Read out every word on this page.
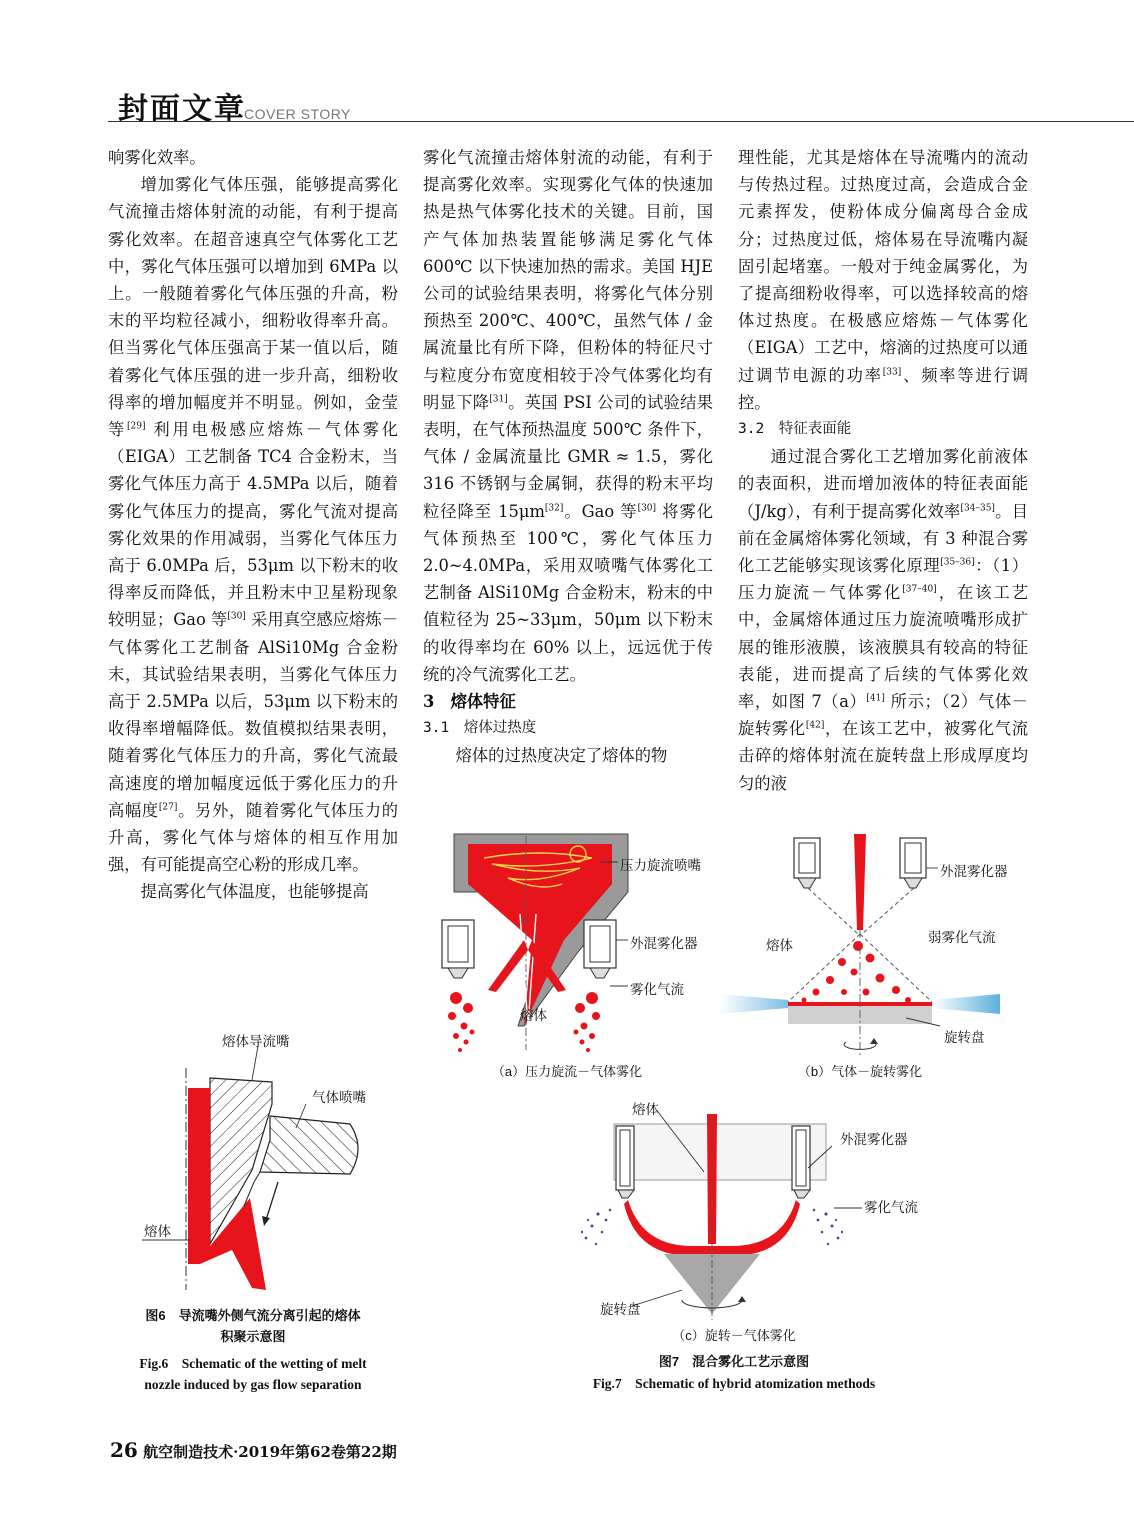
封面文章
COVER STORY

响雾化效率。

增加雾化气体压强，能够提高雾化气流撞击熔体射流的动能，有利于提高雾化效率。在超音速真空气体雾化工艺中，雾化气体压强可以增加到 6MPa 以上。一般随着雾化气体压强的升高，粉末的平均粒径减小，细粉收得率升高。但当雾化气体压强高于某一值以后，随着雾化气体压强的进一步升高，细粉收得率的增加幅度并不明显。例如，金莹等[29] 利用电极感应熔炼－气体雾化（EIGA）工艺制备 TC4 合金粉末，当雾化气体压力高于 4.5MPa 以后，随着雾化气体压力的提高，雾化气流对提高雾化效果的作用减弱，当雾化气体压力高于 6.0MPa 后，53μm 以下粉末的收得率反而降低，并且粉末中卫星粉现象较明显；Gao 等[30] 采用真空感应熔炼－气体雾化工艺制备 AlSi10Mg 合金粉末，其试验结果表明，当雾化气体压力高于 2.5MPa 以后，53μm 以下粉末的收得率增幅降低。数值模拟结果表明，随着雾化气体压力的升高，雾化气流最高速度的增加幅度远低于雾化压力的升高幅度[27]。另外，随着雾化气体压力的升高，雾化气体与熔体的相互作用加强，有可能提高空心粉的形成几率。

提高雾化气体温度，也能够提高

雾化气流撞击熔体射流的动能，有利于提高雾化效率。实现雾化气体的快速加热是热气体雾化技术的关键。目前，国产气体加热装置能够满足雾化气体 600℃ 以下快速加热的需求。美国 HJE 公司的试验结果表明，将雾化气体分别预热至 200℃、400℃，虽然气体 / 金属流量比有所下降，但粉体的特征尺寸与粒度分布宽度相较于冷气体雾化均有明显下降[31]。英国 PSI 公司的试验结果表明，在气体预热温度 500℃ 条件下，气体 / 金属流量比 GMR ≈ 1.5，雾化 316 不锈钢与金属铜，获得的粉末平均粒径降至 15μm[32]。Gao 等[30] 将雾化气体预热至 100℃，雾化气体压力 2.0~4.0MPa，采用双喷嘴气体雾化工艺制备 AlSi10Mg 合金粉末，粉末的中值粒径为 25~33μm，50μm 以下粉末的收得率均在 60% 以上，远远优于传统的冷气流雾化工艺。

3　熔体特征

3.1　熔体过热度

熔体的过热度决定了熔体的物

理性能，尤其是熔体在导流嘴内的流动与传热过程。过热度过高，会造成合金元素挥发，使粉体成分偏离母合金成分；过热度过低，熔体易在导流嘴内凝固引起堵塞。一般对于纯金属雾化，为了提高细粉收得率，可以选择较高的熔体过热度。在极感应熔炼－气体雾化（EIGA）工艺中，熔滴的过热度可以通过调节电源的功率[33]、频率等进行调控。

3.2　特征表面能

通过混合雾化工艺增加雾化前液体的表面积，进而增加液体的特征表面能（J/kg），有利于提高雾化效率[34–35]。目前在金属熔体雾化领域，有 3 种混合雾化工艺能够实现该雾化原理[35–36]：（1）压力旋流－气体雾化[37–40]，在该工艺中，金属熔体通过压力旋流喷嘴形成扩展的锥形液膜，该液膜具有较高的特征表能，进而提高了后续的气体雾化效率，如图 7（a）[41] 所示；（2）气体－旋转雾化[42]，在该工艺中，被雾化气流击碎的熔体射流在旋转盘上形成厚度均匀的液

熔体导流嘴
气体喷嘴
熔体
图6　导流嘴外侧气流分离引起的熔体
积聚示意图
Fig.6　Schematic of the wetting of melt
nozzle induced by gas flow separation
压力旋流喷嘴
外混雾化器
雾化气流
熔体
（a）压力旋流－气体雾化
外混雾化器
熔体	弱雾化气流
旋转盘
（b）气体－旋转雾化
熔体
外混雾化器
雾化气流
旋转盘
（c）旋转－气体雾化
图7　混合雾化工艺示意图
Fig.7　Schematic of hybrid atomization methods
26 航空制造技术·2019年第62卷第22期
